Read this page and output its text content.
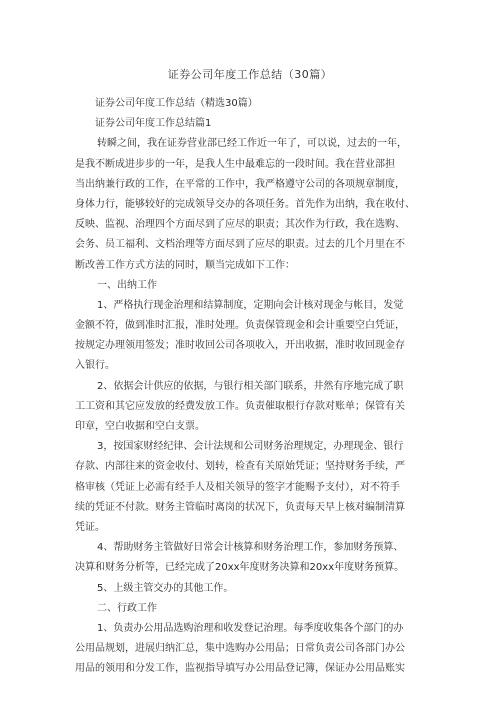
证券公司年度工作总结（30篇）
证券公司年度工作总结（精选30篇）
证券公司年度工作总结篇1
转瞬之间，我在证券营业部已经工作近一年了，可以说，过去的一年，
是我不断成进步步的一年，是我人生中最难忘的一段时间。我在营业部担
当出纳兼行政的工作，在平常的工作中，我严格遵守公司的各项规章制度，
身体力行，能够较好的完成领导交办的各项任务。首先作为出纳，我在收付、
反映、监视、治理四个方面尽到了应尽的职责；其次作为行政，我在选购、
会务、员工福利、文档治理等方面尽到了应尽的职责。过去的几个月里在不
断改善工作方式方法的同时，顺当完成如下工作：
一、出纳工作
1、严格执行现金治理和结算制度，定期向会计核对现金与帐目，发觉
金额不符，做到准时汇报，准时处理。负责保管现金和会计重要空白凭证，
按规定办理领用签发；准时收回公司各项收入，开出收据，准时收回现金存
入银行。
2、依据会计供应的依据，与银行相关部门联系，井然有序地完成了职
工工资和其它应发放的经费发放工作。负责催取根行存款对账单；保管有关
印章，空白收据和空白支票。
3，按国家财经纪律、会计法规和公司财务治理规定，办理现金、银行
存款、内部往来的资金收付、划转，检查有关原始凭证；坚持财务手续，严
格审核（凭证上必需有经手人及相关领导的签字才能赐予支付），对不符手
续的凭证不付款。财务主管临时离岗的状况下，负责每天早上核对编制清算
凭证。
4、帮助财务主管做好日常会计核算和财务治理工作，参加财务预算、
决算和财务分析等，已经完成了20xx年度财务决算和20xx年度财务预算。
5、上级主管交办的其他工作。
二、行政工作
1、负责办公用品选购治理和收发登记治理。每季度收集各个部门的办
公用品规划，进展归纳汇总，集中选购办公用品；日常负责公司各部门办公
用品的领用和分发工作，监视指导填写办公用品登记簿，保证办公用品账实
